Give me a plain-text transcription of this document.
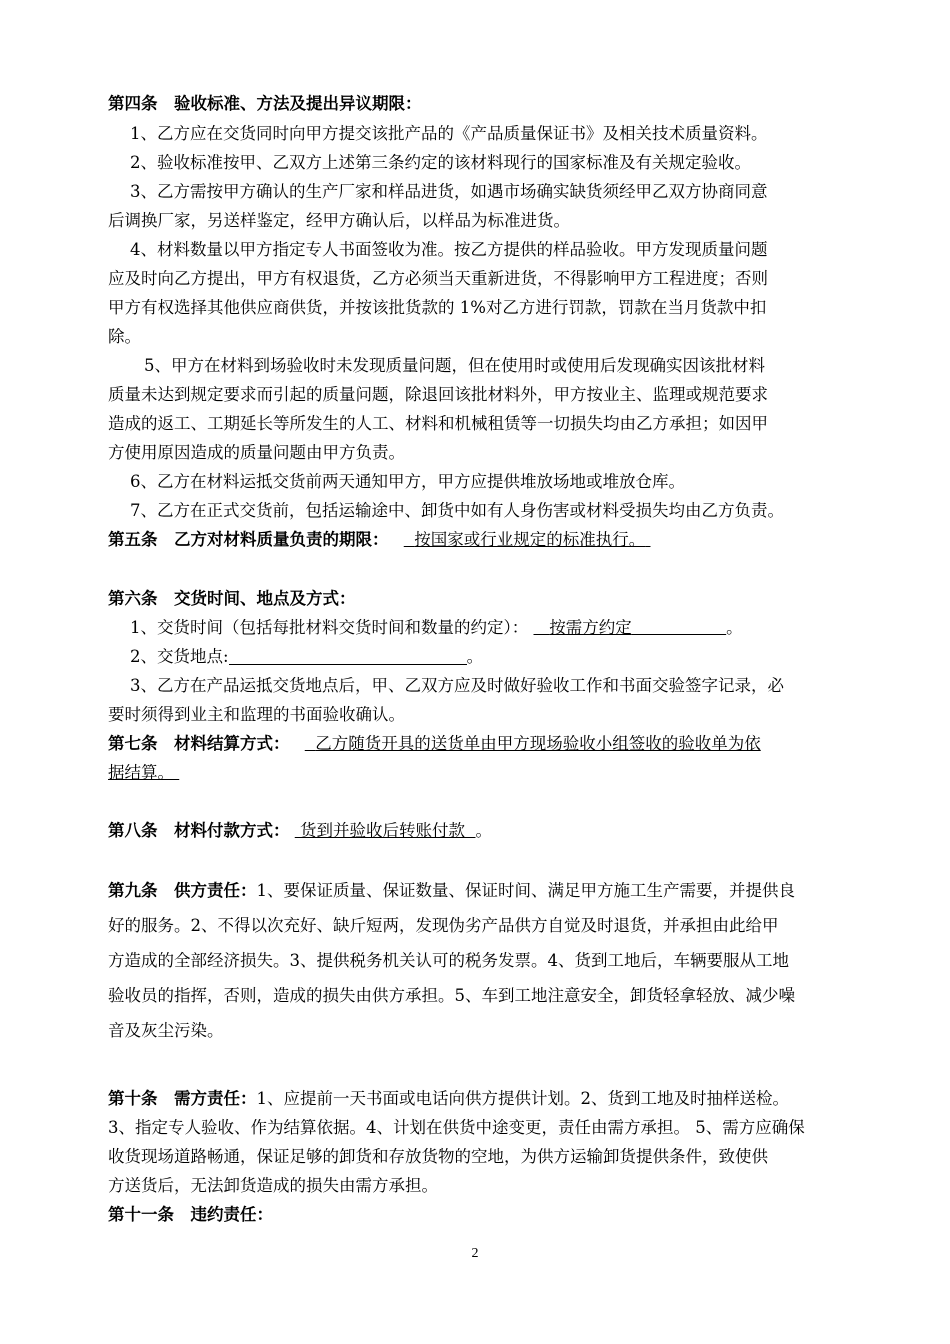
第四条　验收标准、方法及提出异议期限：
1、乙方应在交货同时向甲方提交该批产品的《产品质量保证书》及相关技术质量资料。
2、验收标准按甲、乙双方上述第三条约定的该材料现行的国家标准及有关规定验收。
3、乙方需按甲方确认的生产厂家和样品进货，如遇市场确实缺货须经甲乙双方协商同意
后调换厂家，另送样鉴定，经甲方确认后，以样品为标准进货。
4、材料数量以甲方指定专人书面签收为准。按乙方提供的样品验收。甲方发现质量问题
应及时向乙方提出，甲方有权退货，乙方必须当天重新进货，不得影响甲方工程进度；否则
甲方有权选择其他供应商供货，并按该批货款的 1%对乙方进行罚款，罚款在当月货款中扣
除。
5、甲方在材料到场验收时未发现质量问题，但在使用时或使用后发现确实因该批材料
质量未达到规定要求而引起的质量问题，除退回该批材料外，甲方按业主、监理或规范要求
造成的返工、工期延长等所发生的人工、材料和机械租赁等一切损失均由乙方承担；如因甲
方使用原因造成的质量问题由甲方负责。
6、乙方在材料运抵交货前两天通知甲方，甲方应提供堆放场地或堆放仓库。
7、乙方在正式交货前，包括运输途中、卸货中如有人身伤害或材料受损失均由乙方负责。
第五条　乙方对材料质量负责的期限： 按国家或行业规定的标准执行。
第六条　交货时间、地点及方式：
1、交货时间（包括每批材料交货时间和数量的约定）： 按需方约定	。
2、交货地点:	。
3、乙方在产品运抵交货地点后，甲、乙双方应及时做好验收工作和书面交验签字记录，必
要时须得到业主和监理的书面验收确认。
第七条　材料结算方式： 乙方随货开具的送货单由甲方现场验收小组签收的验收单为依
据结算。
第八条　材料付款方式： 货到并验收后转账付款 。
第九条　供方责任：1、要保证质量、保证数量、保证时间、满足甲方施工生产需要，并提供良
好的服务。2、不得以次充好、缺斤短两，发现伪劣产品供方自觉及时退货，并承担由此给甲
方造成的全部经济损失。3、提供税务机关认可的税务发票。4、货到工地后，车辆要服从工地
验收员的指挥，否则，造成的损失由供方承担。5、车到工地注意安全，卸货轻拿轻放、减少噪
音及灰尘污染。
第十条　需方责任：1、应提前一天书面或电话向供方提供计划。2、货到工地及时抽样送检。
3、指定专人验收、作为结算依据。4、计划在供货中途变更，责任由需方承担。 5、需方应确保
收货现场道路畅通，保证足够的卸货和存放货物的空地，为供方运输卸货提供条件，致使供
方送货后，无法卸货造成的损失由需方承担。
第十一条　违约责任：
2
